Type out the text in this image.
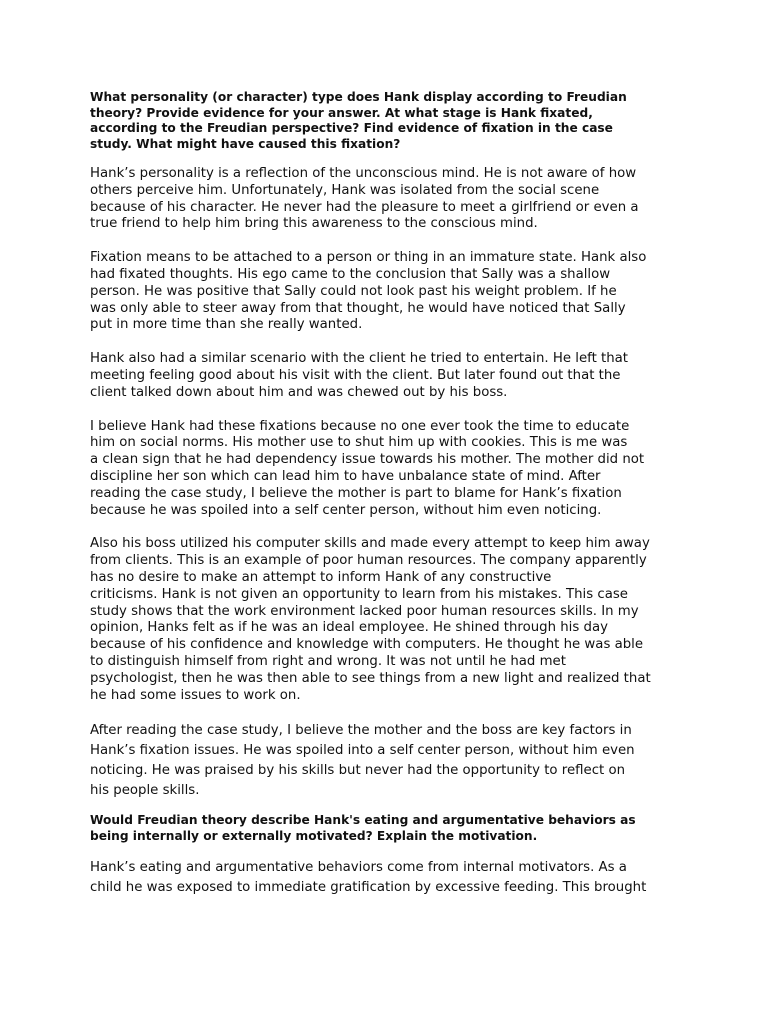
What personality (or character) type does Hank display according to Freudian
theory? Provide evidence for your answer. At what stage is Hank fixated,
according to the Freudian perspective? Find evidence of fixation in the case
study. What might have caused this fixation?
Hank’s personality is a reflection of the unconscious mind. He is not aware of how
others perceive him. Unfortunately, Hank was isolated from the social scene
because of his character. He never had the pleasure to meet a girlfriend or even a
true friend to help him bring this awareness to the conscious mind.
Fixation means to be attached to a person or thing in an immature state. Hank also
had fixated thoughts. His ego came to the conclusion that Sally was a shallow
person. He was positive that Sally could not look past his weight problem. If he
was only able to steer away from that thought, he would have noticed that Sally
put in more time than she really wanted.
Hank also had a similar scenario with the client he tried to entertain. He left that
meeting feeling good about his visit with the client. But later found out that the
client talked down about him and was chewed out by his boss.
I believe Hank had these fixations because no one ever took the time to educate
him on social norms. His mother use to shut him up with cookies. This is me was
a clean sign that he had dependency issue towards his mother. The mother did not
discipline her son which can lead him to have unbalance state of mind. After
reading the case study, I believe the mother is part to blame for Hank’s fixation
because he was spoiled into a self center person, without him even noticing.
Also his boss utilized his computer skills and made every attempt to keep him away
from clients. This is an example of poor human resources. The company apparently
has no desire to make an attempt to inform Hank of any constructive
criticisms. Hank is not given an opportunity to learn from his mistakes. This case
study shows that the work environment lacked poor human resources skills. In my
opinion, Hanks felt as if he was an ideal employee. He shined through his day
because of his confidence and knowledge with computers. He thought he was able
to distinguish himself from right and wrong. It was not until he had met
psychologist, then he was then able to see things from a new light and realized that
he had some issues to work on.
After reading the case study, I believe the mother and the boss are key factors in
Hank’s fixation issues. He was spoiled into a self center person, without him even
noticing. He was praised by his skills but never had the opportunity to reflect on
his people skills.
Would Freudian theory describe Hank's eating and argumentative behaviors as
being internally or externally motivated? Explain the motivation.
Hank’s eating and argumentative behaviors come from internal motivators. As a
child he was exposed to immediate gratification by excessive feeding. This brought
